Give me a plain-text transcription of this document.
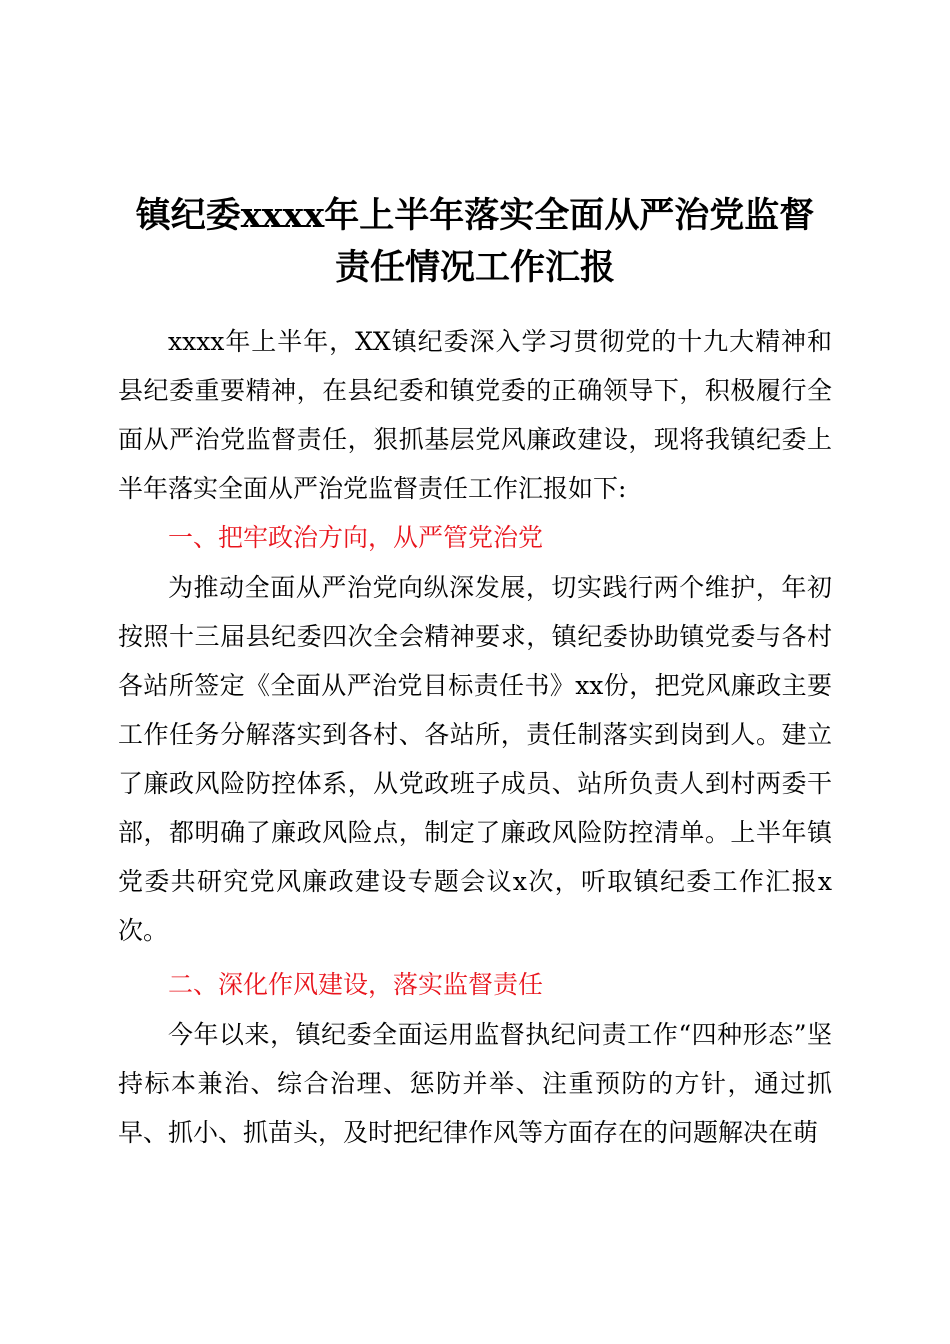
镇纪委xxxx年上半年落实全面从严治党监督
责任情况工作汇报

xxxx年上半年，XX镇纪委深入学习贯彻党的十九大精神和县纪委重要精神，在县纪委和镇党委的正确领导下，积极履行全面从严治党监督责任，狠抓基层党风廉政建设，现将我镇纪委上半年落实全面从严治党监督责任工作汇报如下:

一、把牢政治方向，从严管党治党

为推动全面从严治党向纵深发展，切实践行两个维护，年初按照十三届县纪委四次全会精神要求，镇纪委协助镇党委与各村各站所签定《全面从严治党目标责任书》xx份，把党风廉政主要工作任务分解落实到各村、各站所，责任制落实到岗到人。建立了廉政风险防控体系，从党政班子成员、站所负责人到村两委干部，都明确了廉政风险点，制定了廉政风险防控清单。上半年镇党委共研究党风廉政建设专题会议x次，听取镇纪委工作汇报x次。

二、深化作风建设，落实监督责任

今年以来，镇纪委全面运用监督执纪问责工作“四种形态”坚持标本兼治、综合治理、惩防并举、注重预防的方针，通过抓早、抓小、抓苗头，及时把纪律作风等方面存在的问题解决在萌
